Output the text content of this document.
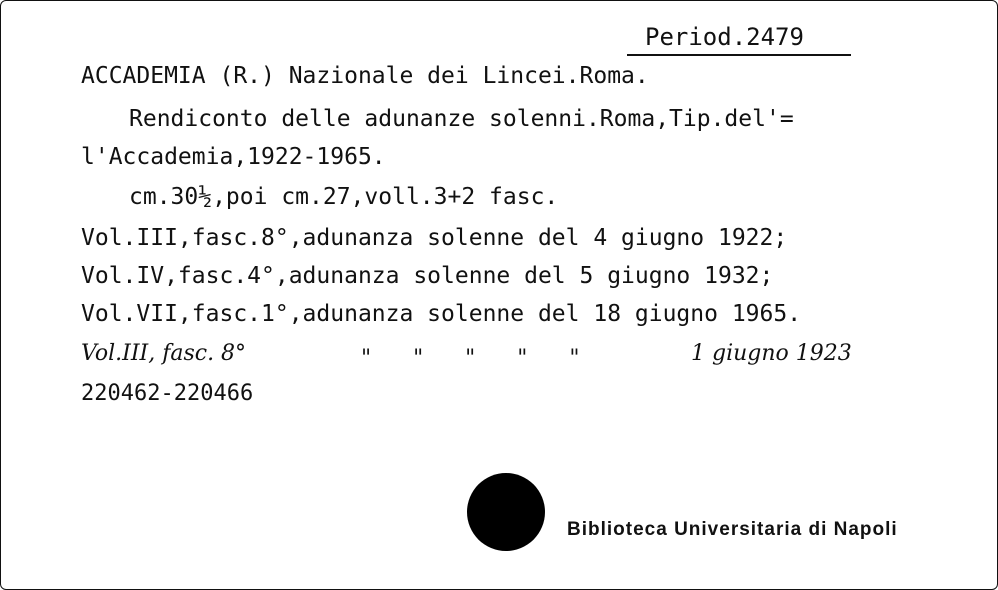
Period.2479
ACCADEMIA (R.) Nazionale dei Lincei.Roma.
Rendiconto delle adunanze solenni.Roma,Tip.del'=
l'Accademia,1922-1965.
cm.30½,poi cm.27,voll.3+2 fasc.
Vol.III,fasc.8°,adunanza solenne del 4 giugno 1922;
Vol.IV,fasc.4°,adunanza solenne del 5 giugno 1932;
Vol.VII,fasc.1°,adunanza solenne del 18 giugno 1965.
Vol.III, fasc. 8°	"      "      "      "      "	1 giugno 1923
220462-220466
Biblioteca Universitaria di Napoli
